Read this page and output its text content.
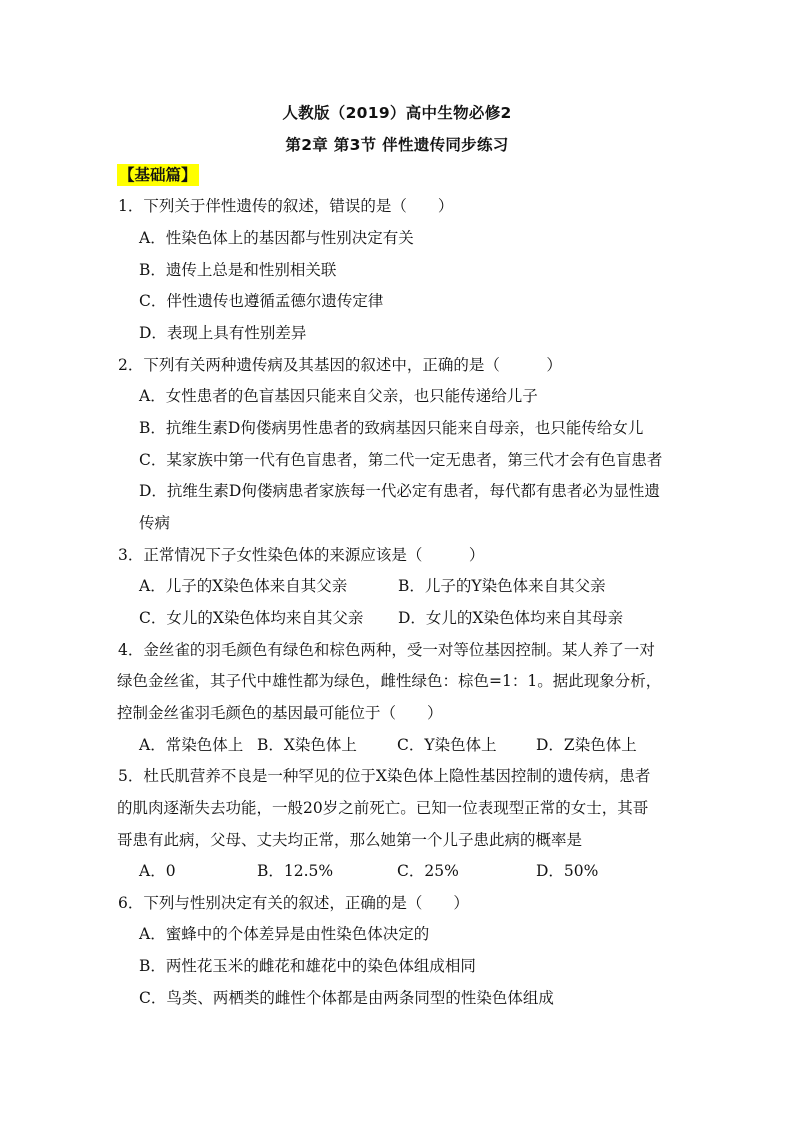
人教版（2019）高中生物必修2
第2章 第3节 伴性遗传同步练习
【基础篇】
1．下列关于伴性遗传的叙述，错误的是（　　）
A．性染色体上的基因都与性别决定有关
B．遗传上总是和性别相关联
C．伴性遗传也遵循孟德尔遗传定律
D．表现上具有性别差异
2．下列有关两种遗传病及其基因的叙述中，正确的是（　　　）
A．女性患者的色盲基因只能来自父亲，也只能传递给儿子
B．抗维生素D佝偻病男性患者的致病基因只能来自母亲，也只能传给女儿
C．某家族中第一代有色盲患者，第二代一定无患者，第三代才会有色盲患者
D．抗维生素D佝偻病患者家族每一代必定有患者，每代都有患者必为显性遗
传病
3．正常情况下子女性染色体的来源应该是（　　　）
A．儿子的X染色体来自其父亲	B．儿子的Y染色体来自其父亲
C．女儿的X染色体均来自其父亲 D．女儿的X染色体均来自其母亲
4．金丝雀的羽毛颜色有绿色和棕色两种，受一对等位基因控制。某人养了一对
绿色金丝雀，其子代中雄性都为绿色，雌性绿色：棕色=1：1。据此现象分析，
控制金丝雀羽毛颜色的基因最可能位于（　　）
A．常染色体上 B．X染色体上	C．Y染色体上	D．Z染色体上
5．杜氏肌营养不良是一种罕见的位于X染色体上隐性基因控制的遗传病，患者
的肌肉逐渐失去功能，一般20岁之前死亡。已知一位表现型正常的女士，其哥
哥患有此病，父母、丈夫均正常，那么她第一个儿子患此病的概率是
A．0	B．12.5%	C．25%	D．50%
6．下列与性别决定有关的叙述，正确的是（　　）
A．蜜蜂中的个体差异是由性染色体决定的
B．两性花玉米的雌花和雄花中的染色体组成相同
C．鸟类、两栖类的雌性个体都是由两条同型的性染色体组成
